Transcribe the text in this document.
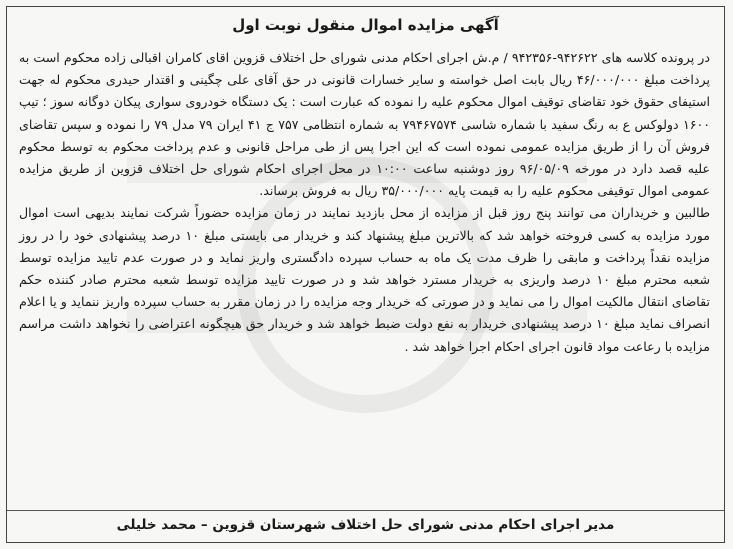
آگهی مزایده اموال منقول نوبت اول

در پرونده کلاسه های ۹۴۲۶۲۲-۹۴۲۳۵۶ / م.ش اجرای احکام مدنی شورای حل اختلاف قزوین اقای کامران اقبالی زاده محکوم است به پرداخت مبلغ ۴۶/۰۰۰/۰۰۰ ریال بابت اصل خواسته و سایر خسارات قانونی در حق آقای علی چگینی و اقتدار حیدری محکوم له جهت استیفای حقوق خود تقاضای توقیف اموال محکوم علیه را نموده که عبارت است : یک دستگاه خودروی سواری پیکان دوگانه سوز ؛ تیپ ۱۶۰۰ دولوکس ع به رنگ سفید با شماره شاسی ۷۹۴۶۷۵۷۴ به شماره انتظامی ۷۵۷ ج ۴۱ ایران ۷۹ مدل ۷۹ را نموده و سپس تقاضای فروش آن را از طریق مزایده عمومی نموده است که این اجرا پس از طی مراحل قانونی و عدم پرداخت محکوم به توسط محکوم علیه قصد دارد در مورخه ۹۶/۰۵/۰۹ روز دوشنبه ساعت ۱۰:۰۰ در محل اجرای احکام شورای حل اختلاف قزوین از طریق مزایده عمومی اموال توقیفی محکوم علیه را به قیمت پایه ۳۵/۰۰۰/۰۰۰ ریال به فروش برساند.

طالبین و خریداران می توانند پنج روز قبل از مزایده از محل بازدید نمایند در زمان مزایده حضوراً شرکت نمایند بدیهی است اموال مورد مزایده به کسی فروخته خواهد شد که بالاترین مبلغ پیشنهاد کند و خریدار می بایستی مبلغ ۱۰ درصد پیشنهادی خود را در روز مزایده نقداً پرداخت و مابقی را ظرف مدت یک ماه به حساب سپرده دادگستری واریز نماید و در صورت عدم تایید مزایده توسط شعبه محترم مبلغ ۱۰ درصد واریزی به خریدار مسترد خواهد شد و در صورت تایید مزایده توسط شعبه محترم صادر کننده حکم تقاضای انتقال مالکیت اموال را می نماید و در صورتی که خریدار وجه مزایده را در زمان مقرر به حساب سپرده واریز ننماید و یا اعلام انصراف نماید مبلغ ۱۰ درصد پیشنهادی خریدار به نفع دولت ضبط خواهد شد و خریدار حق هیچگونه اعتراضی را نخواهد داشت مراسم مزایده با رعاعت مواد قانون اجرای احکام اجرا خواهد شد .

مدیر اجرای احکام مدنی شورای حل اختلاف شهرستان قزوین – محمد خلیلی
